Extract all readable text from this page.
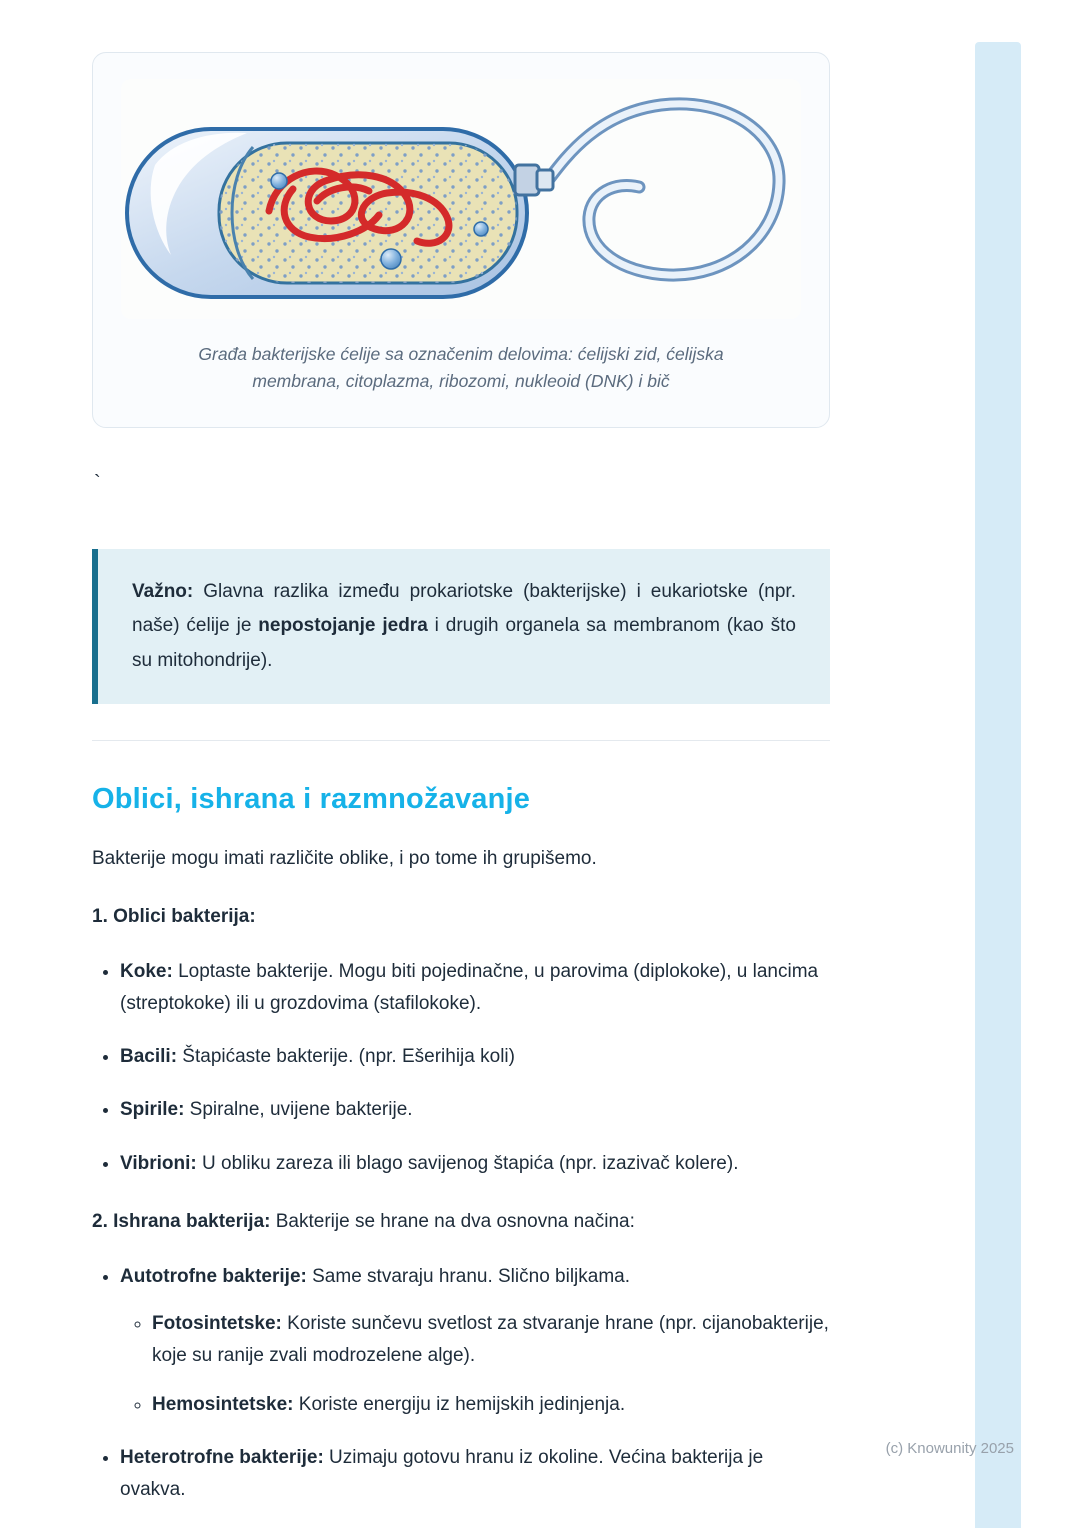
Građa bakterijske ćelije sa označenim delovima: ćelijski zid, ćelijska membrana, citoplazma, ribozomi, nukleoid (DNK) i bič
`
Važno: Glavna razlika između prokariotske (bakterijske) i eukariotske (npr. naše) ćelije je nepostojanje jedra i drugih organela sa membranom (kao što su mitohondrije).
Oblici, ishrana i razmnožavanje

Bakterije mogu imati različite oblike, i po tome ih grupišemo.

1. Oblici bakterija:

• Koke: Loptaste bakterije. Mogu biti pojedinačne, u parovima (diplokoke), u lancima (streptokoke) ili u grozdovima (stafilokoke).
• Bacili: Štapićaste bakterije. (npr. Ešerihija koli)
• Spirile: Spiralne, uvijene bakterije.
• Vibrioni: U obliku zareza ili blago savijenog štapića (npr. izazivač kolere).

2. Ishrana bakterija: Bakterije se hrane na dva osnovna načina:

• Autotrofne bakterije: Same stvaraju hranu. Slično biljkama.
◦ Fotosintetske: Koriste sunčevu svetlost za stvaranje hrane (npr. cijanobakterije, koje su ranije zvali modrozelene alge).
◦ Hemosintetske: Koriste energiju iz hemijskih jedinjenja.
• Heterotrofne bakterije: Uzimaju gotovu hranu iz okoline. Većina bakterija je ovakva.
(c) Knowunity 2025
